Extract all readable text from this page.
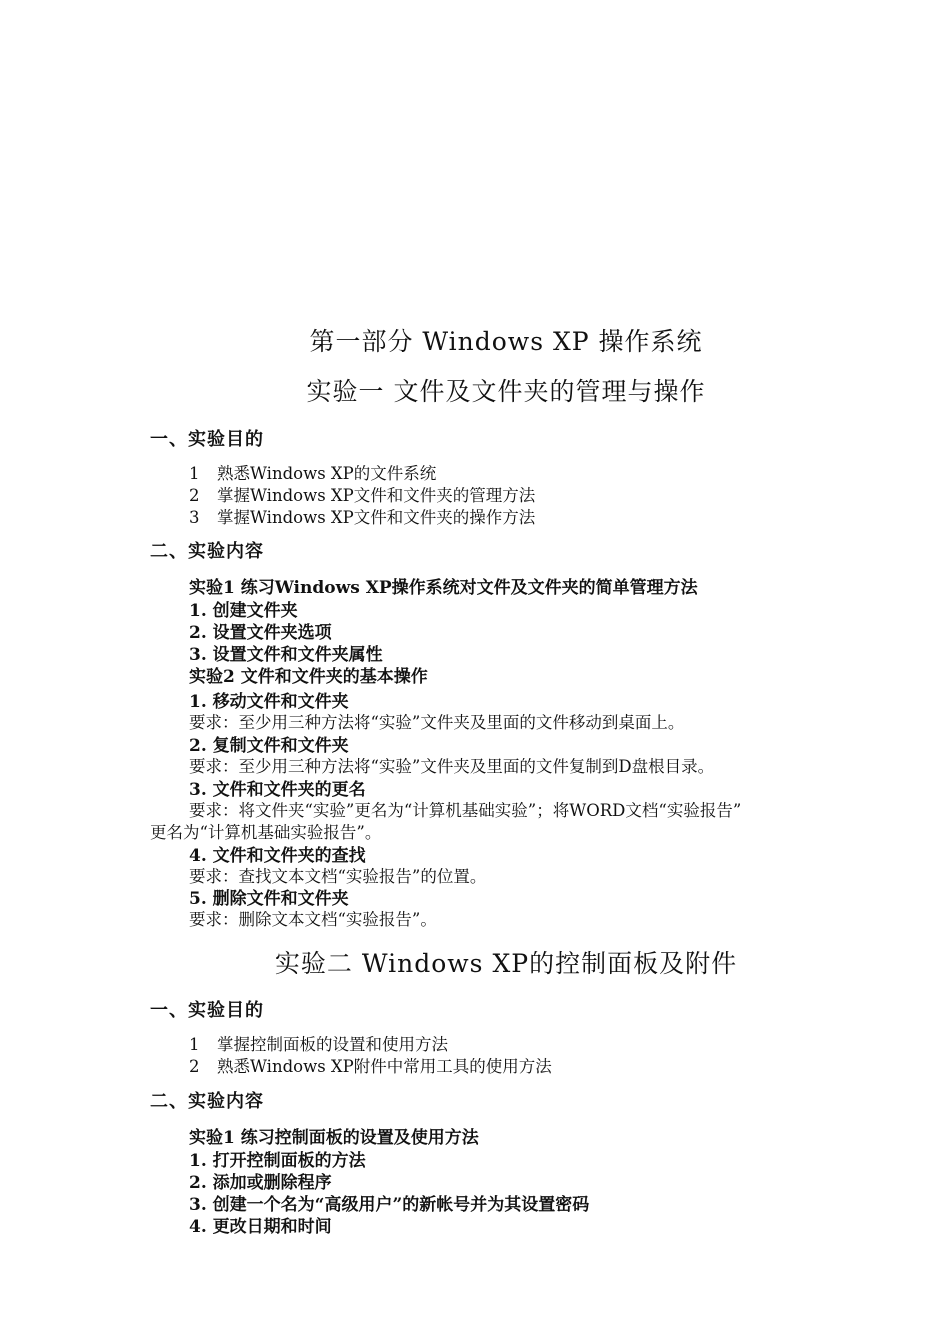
第一部分 Windows XP 操作系统
实验一 文件及文件夹的管理与操作
一、实验目的
1 熟悉Windows XP的文件系统
2 掌握Windows XP文件和文件夹的管理方法
3 掌握Windows XP文件和文件夹的操作方法
二、实验内容
实验1 练习Windows XP操作系统对文件及文件夹的简单管理方法
1. 创建文件夹
2. 设置文件夹选项
3. 设置文件和文件夹属性
实验2 文件和文件夹的基本操作
1. 移动文件和文件夹
要求：至少用三种方法将“实验”文件夹及里面的文件移动到桌面上。
2. 复制文件和文件夹
要求：至少用三种方法将“实验”文件夹及里面的文件复制到D盘根目录。
3. 文件和文件夹的更名
要求：将文件夹“实验”更名为“计算机基础实验”；将WORD文档“实验报告”
更名为“计算机基础实验报告”。
4. 文件和文件夹的查找
要求：查找文本文档“实验报告”的位置。
5. 删除文件和文件夹
要求：删除文本文档“实验报告”。
实验二 Windows XP的控制面板及附件
一、实验目的
1 掌握控制面板的设置和使用方法
2 熟悉Windows XP附件中常用工具的使用方法
二、实验内容
实验1 练习控制面板的设置及使用方法
1. 打开控制面板的方法
2. 添加或删除程序
3. 创建一个名为“高级用户”的新帐号并为其设置密码
4. 更改日期和时间
